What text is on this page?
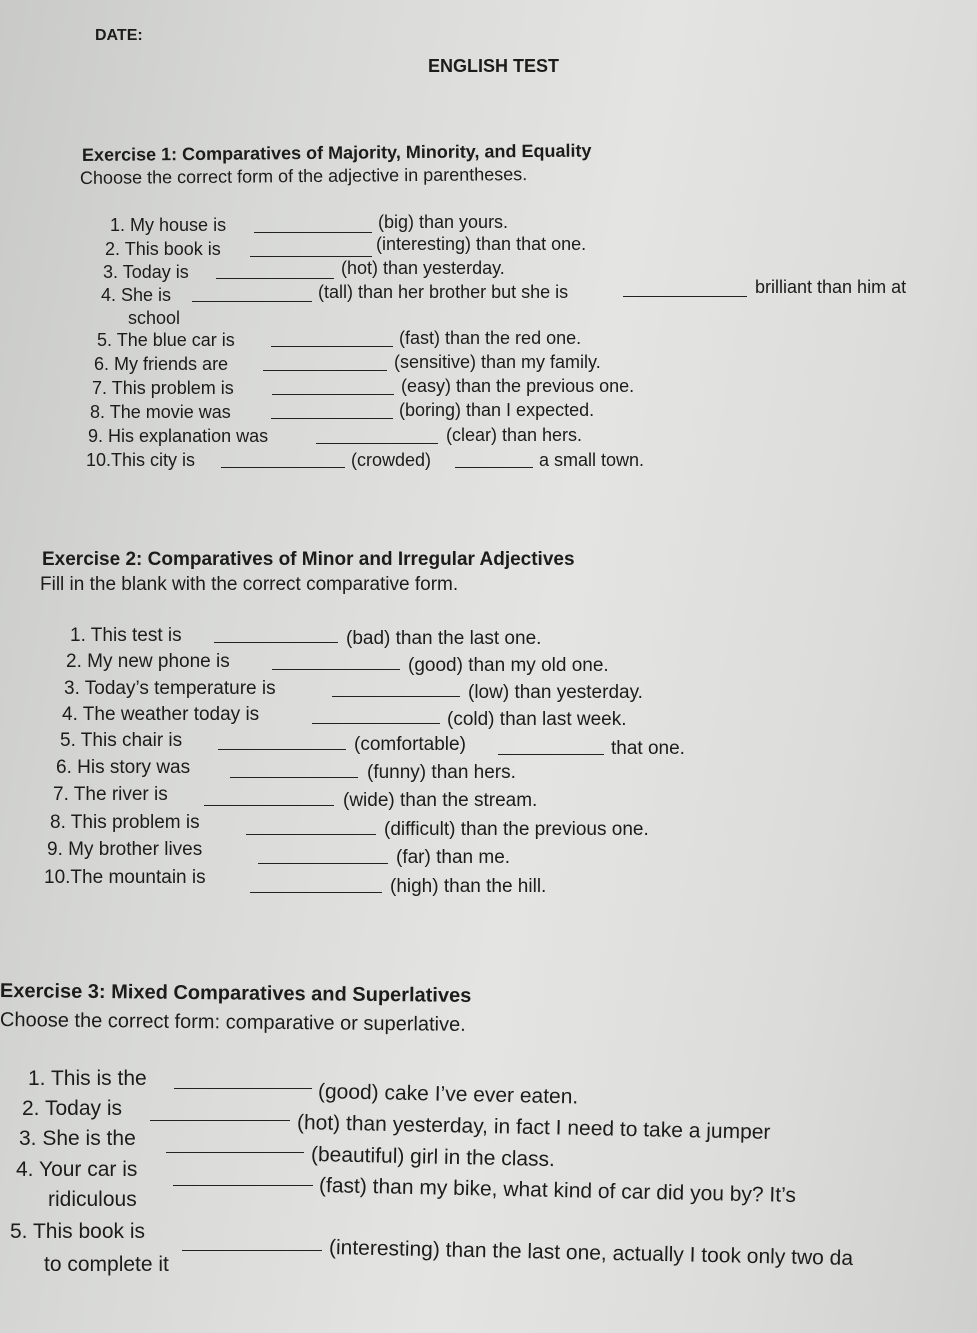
DATE:
ENGLISH TEST
Exercise 1: Comparatives of Majority, Minority, and Equality
Choose the correct form of the adjective in parentheses.
1. My house is	(big) than yours.
2. This book is	(interesting) than that one.
3. Today is	(hot) than yesterday.
4. She is	(tall) than her brother but she is	brilliant than him at
school
5. The blue car is	(fast) than the red one.
6. My friends are	(sensitive) than my family.
7. This problem is	(easy) than the previous one.
8. The movie was	(boring) than I expected.
9. His explanation was	(clear) than hers.
10.This city is	(crowded)	a small town.
Exercise 2: Comparatives of Minor and Irregular Adjectives
Fill in the blank with the correct comparative form.
1. This test is	(bad) than the last one.
2. My new phone is	(good) than my old one.
3. Today’s temperature is	(low) than yesterday.
4. The weather today is	(cold) than last week.
5. This chair is	(comfortable)	that one.
6. His story was	(funny) than hers.
7. The river is	(wide) than the stream.
8. This problem is	(difficult) than the previous one.
9. My brother lives	(far) than me.
10.The mountain is	(high) than the hill.
Exercise 3: Mixed Comparatives and Superlatives
Choose the correct form: comparative or superlative.
1. This is the
(good) cake I’ve ever eaten.
2. Today is
(hot) than yesterday, in fact I need to take a jumper
3. She is the
(beautiful) girl in the class.
4. Your car is
(fast) than my bike, what kind of car did you by? It’s
ridiculous
5. This book is
(interesting) than the last one, actually I took only two da
to complete it
